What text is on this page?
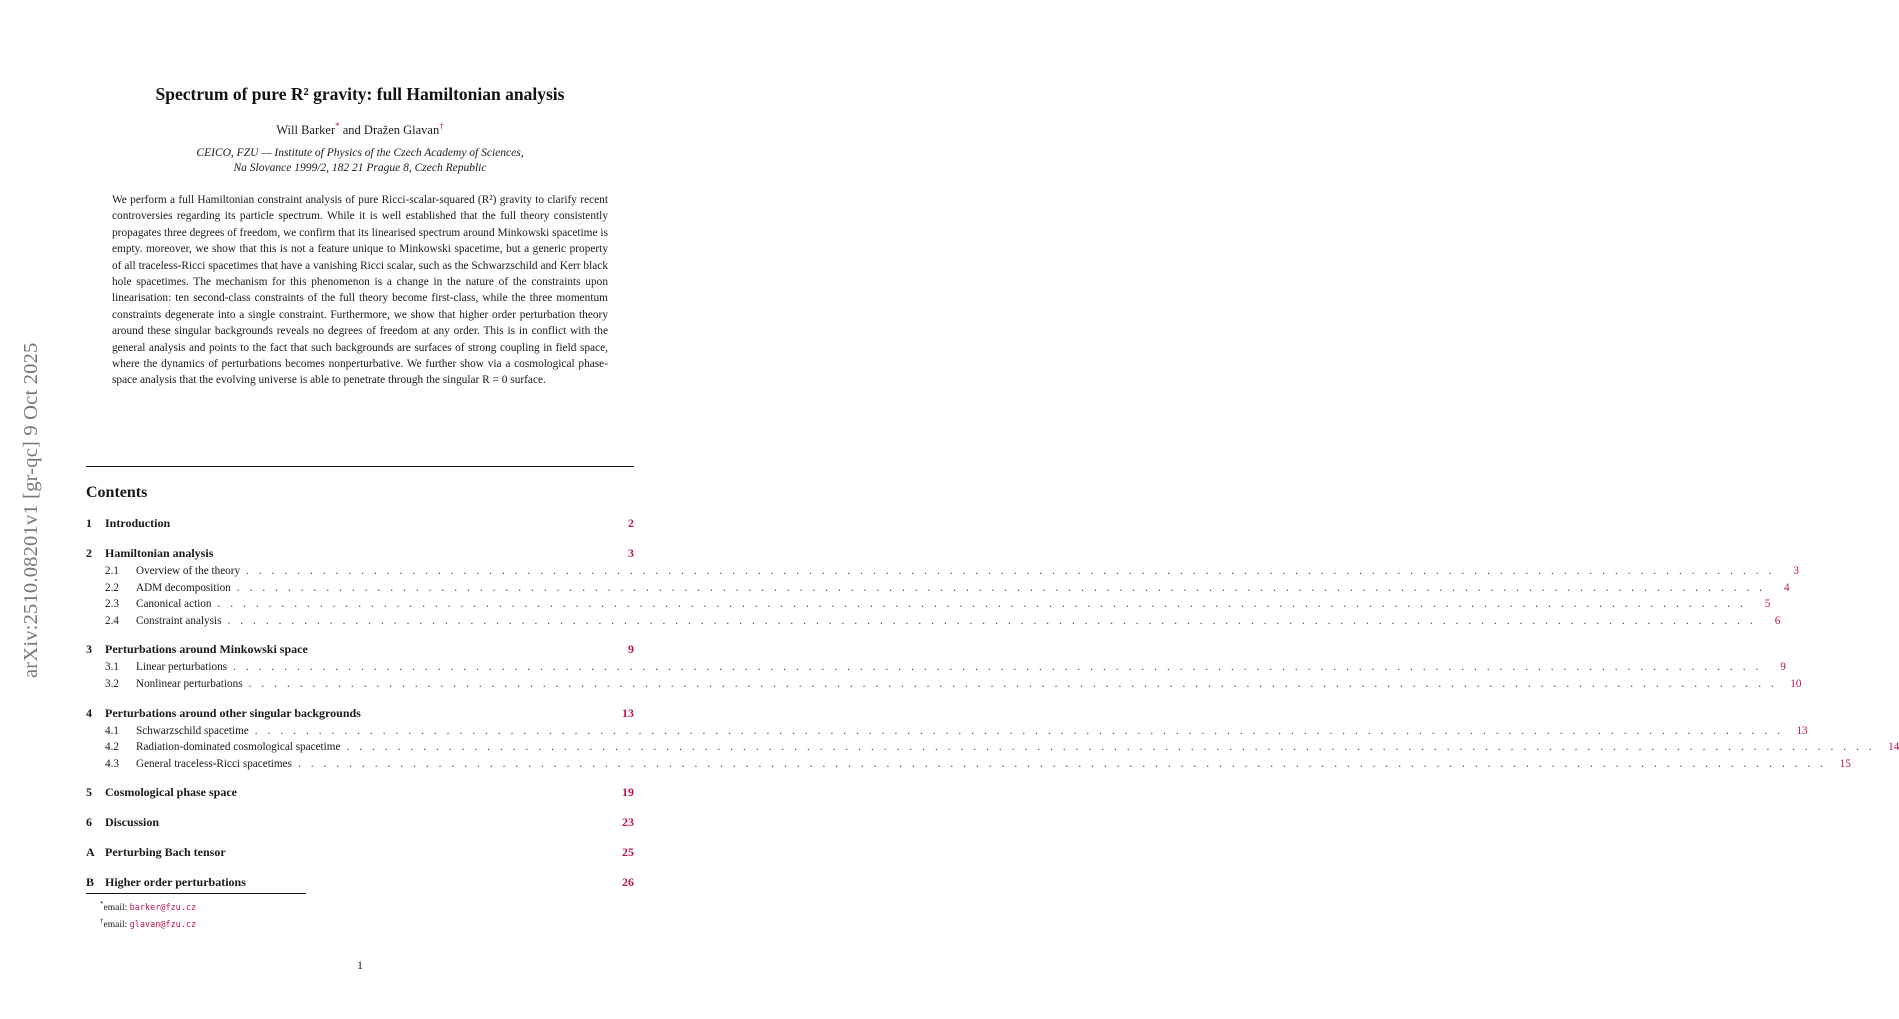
arXiv:2510.08201v1 [gr-qc] 9 Oct 2025
Spectrum of pure R² gravity: full Hamiltonian analysis
Will Barker* and Dražen Glavan†
CEICO, FZU — Institute of Physics of the Czech Academy of Sciences,
Na Slovance 1999/2, 182 21 Prague 8, Czech Republic
We perform a full Hamiltonian constraint analysis of pure Ricci-scalar-squared (R²) gravity to clarify recent controversies regarding its particle spectrum. While it is well established that the full theory consistently propagates three degrees of freedom, we confirm that its linearised spectrum around Minkowski spacetime is empty. moreover, we show that this is not a feature unique to Minkowski spacetime, but a generic property of all traceless-Ricci spacetimes that have a vanishing Ricci scalar, such as the Schwarzschild and Kerr black hole spacetimes. The mechanism for this phenomenon is a change in the nature of the constraints upon linearisation: ten second-class constraints of the full theory become first-class, while the three momentum constraints degenerate into a single constraint. Furthermore, we show that higher order perturbation theory around these singular backgrounds reveals no degrees of freedom at any order. This is in conflict with the general analysis and points to the fact that such backgrounds are surfaces of strong coupling in field space, where the dynamics of perturbations becomes nonperturbative. We further show via a cosmological phase-space analysis that the evolving universe is able to penetrate through the singular R = 0 surface.
Contents
1	Introduction	2
2	Hamiltonian analysis	3
2.1	Overview of the theory . . . . . . . . . . . . . . . . . . . . . . . . . . . . . . . . . . . . . . . . . . . . . . . . . . . . . . . . . . . . . . . . . . . . . . . . . . . . . . . . . . . . . . . . . . . . . . . . . . . . . . . . . . . . . . . . . . . . . . . .	3
2.2	ADM decomposition . . . . . . . . . . . . . . . . . . . . . . . . . . . . . . . . . . . . . . . . . . . . . . . . . . . . . . . . . . . . . . . . . . . . . . . . . . . . . . . . . . . . . . . . . . . . . . . . . . . . . . . . . . . . . . . . . . . . . . . .	4
2.3	Canonical action . . . . . . . . . . . . . . . . . . . . . . . . . . . . . . . . . . . . . . . . . . . . . . . . . . . . . . . . . . . . . . . . . . . . . . . . . . . . . . . . . . . . . . . . . . . . . . . . . . . . . . . . . . . . . . . . . . . . . . . .	5
2.4	Constraint analysis . . . . . . . . . . . . . . . . . . . . . . . . . . . . . . . . . . . . . . . . . . . . . . . . . . . . . . . . . . . . . . . . . . . . . . . . . . . . . . . . . . . . . . . . . . . . . . . . . . . . . . . . . . . . . . . . . . . . . . . .	6
3	Perturbations around Minkowski space	9
3.1	Linear perturbations . . . . . . . . . . . . . . . . . . . . . . . . . . . . . . . . . . . . . . . . . . . . . . . . . . . . . . . . . . . . . . . . . . . . . . . . . . . . . . . . . . . . . . . . . . . . . . . . . . . . . . . . . . . . . . . . . . . . . . . .	9
3.2	Nonlinear perturbations . . . . . . . . . . . . . . . . . . . . . . . . . . . . . . . . . . . . . . . . . . . . . . . . . . . . . . . . . . . . . . . . . . . . . . . . . . . . . . . . . . . . . . . . . . . . . . . . . . . . . . . . . . . . . . . . . . . . . . . .	10
4	Perturbations around other singular backgrounds	13
4.1	Schwarzschild spacetime . . . . . . . . . . . . . . . . . . . . . . . . . . . . . . . . . . . . . . . . . . . . . . . . . . . . . . . . . . . . . . . . . . . . . . . . . . . . . . . . . . . . . . . . . . . . . . . . . . . . . . . . . . . . . . . . . . . . . . . .	13
4.2	Radiation-dominated cosmological spacetime . . . . . . . . . . . . . . . . . . . . . . . . . . . . . . . . . . . . . . . . . . . . . . . . . . . . . . . . . . . . . . . . . . . . . . . . . . . . . . . . . . . . . . . . . . . . . . . . . . . . . . . . . . . . . . . . . . . . . . . .	14
4.3	General traceless-Ricci spacetimes . . . . . . . . . . . . . . . . . . . . . . . . . . . . . . . . . . . . . . . . . . . . . . . . . . . . . . . . . . . . . . . . . . . . . . . . . . . . . . . . . . . . . . . . . . . . . . . . . . . . . . . . . . . . . . . . . . . . . . . .	15
5	Cosmological phase space	19
6	Discussion	23
A Perturbing Bach tensor	25
B Higher order perturbations	26
*email: barker@fzu.cz
†email: glavan@fzu.cz
1
